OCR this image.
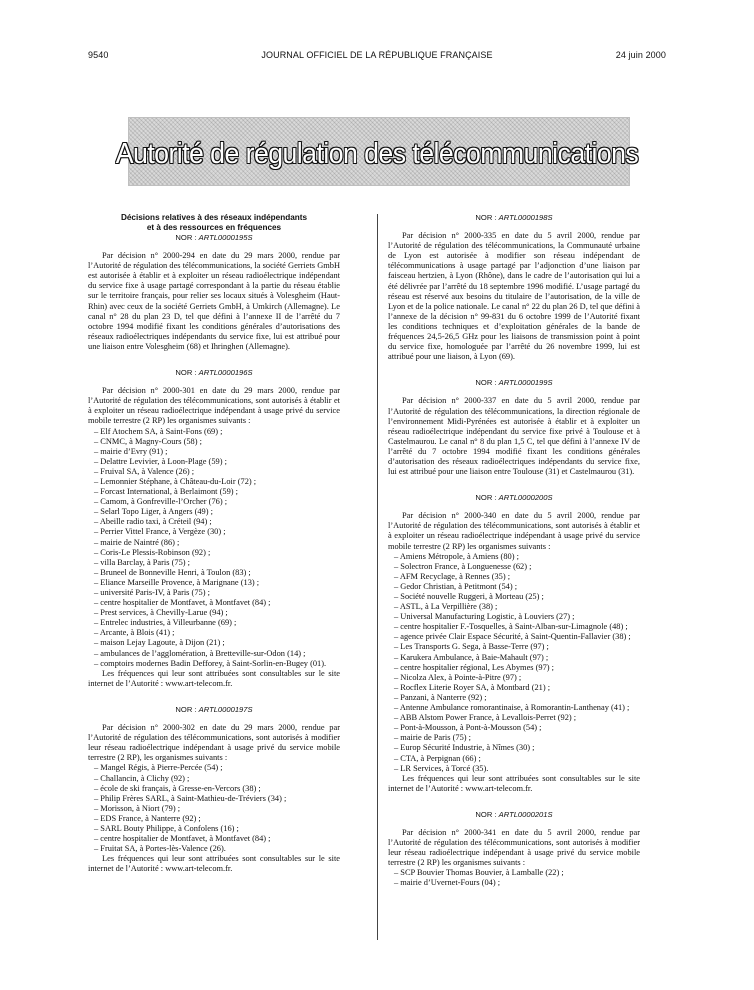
9540	JOURNAL OFFICIEL DE LA RÉPUBLIQUE FRANÇAISE	24 juin 2000
Autorité de régulation des télécommunications

Décisions relatives à des réseaux indépendants

et à des ressources en fréquences

NOR : ARTL0000195S

Par décision n° 2000-294 en date du 29 mars 2000, rendue par l’Autorité de régulation des télécommunications, la société Gerriets GmbH est autorisée à établir et à exploiter un réseau radioélectrique indépendant du service fixe à usage partagé correspondant à la partie du réseau établie sur le territoire français, pour relier ses locaux situés à Volesgheim (Haut-Rhin) avec ceux de la société Gerriets GmbH, à Umkirch (Allemagne). Le canal n° 28 du plan 23 D, tel que défini à l’annexe II de l’arrêté du 7 octobre 1994 modifié fixant les conditions générales d’autorisations des réseaux radioélectriques indépendants du service fixe, lui est attribué pour une liaison entre Volesgheim (68) et Ihringhen (Allemagne).

NOR : ARTL0000196S

Par décision n° 2000-301 en date du 29 mars 2000, rendue par l’Autorité de régulation des télécommunications, sont autorisés à établir et à exploiter un réseau radioélectrique indépendant à usage privé du service mobile terrestre (2 RP) les organismes suivants :

– Elf Atochem SA, à Saint-Fons (69) ;
– CNMC, à Magny-Cours (58) ;
– mairie d’Evry (91) ;
– Delattre Levivier, à Loon-Plage (59) ;
– Fruival SA, à Valence (26) ;
– Lemonnier Stéphane, à Château-du-Loir (72) ;
– Forcast International, à Berlaimont (59) ;
– Camom, à Gonfreville-l’Orcher (76) ;
– Selarl Topo Liger, à Angers (49) ;
– Abeille radio taxi, à Créteil (94) ;
– Perrier Vittel France, à Vergèze (30) ;
– mairie de Naintré (86) ;
– Coris-Le Plessis-Robinson (92) ;
– villa Barclay, à Paris (75) ;
– Bruneel de Bonneville Henri, à Toulon (83) ;
– Eliance Marseille Provence, à Marignane (13) ;
– université Paris-IV, à Paris (75) ;
– centre hospitalier de Montfavet, à Montfavet (84) ;
– Prest services, à Chevilly-Larue (94) ;
– Entrelec industries, à Villeurbanne (69) ;
– Arcante, à Blois (41) ;
– maison Lejay Lagoute, à Dijon (21) ;
– ambulances de l’agglomération, à Bretteville-sur-Odon (14) ;
– comptoirs modernes Badin Defforey, à Saint-Sorlin-en-Bugey (01).

Les fréquences qui leur sont attribuées sont consultables sur le site internet de l’Autorité : www.art-telecom.fr.

NOR : ARTL0000197S

Par décision n° 2000-302 en date du 29 mars 2000, rendue par l’Autorité de régulation des télécommunications, sont autorisés à modifier leur réseau radioélectrique indépendant à usage privé du service mobile terrestre (2 RP), les organismes suivants :

– Mangel Régis, à Pierre-Percée (54) ;
– Challancin, à Clichy (92) ;
– école de ski français, à Gresse-en-Vercors (38) ;
– Philip Frères SARL, à Saint-Mathieu-de-Tréviers (34) ;
– Morisson, à Niort (79) ;
– EDS France, à Nanterre (92) ;
– SARL Bouty Philippe, à Confolens (16) ;
– centre hospitalier de Montfavet, à Montfavet (84) ;
– Fruitat SA, à Portes-lès-Valence (26).

Les fréquences qui leur sont attribuées sont consultables sur le site internet de l’Autorité : www.art-telecom.fr.

NOR : ARTL0000198S

Par décision n° 2000-335 en date du 5 avril 2000, rendue par l’Autorité de régulation des télécommunications, la Communauté urbaine de Lyon est autorisée à modifier son réseau indépendant de télécommunications à usage partagé par l’adjonction d’une liaison par faisceau hertzien, à Lyon (Rhône), dans le cadre de l’autorisation qui lui a été délivrée par l’arrêté du 18 septembre 1996 modifié. L’usage partagé du réseau est réservé aux besoins du titulaire de l’autorisation, de la ville de Lyon et de la police nationale. Le canal n° 22 du plan 26 D, tel que défini à l’annexe de la décision n° 99-831 du 6 octobre 1999 de l’Autorité fixant les conditions techniques et d’exploitation générales de la bande de fréquences 24,5-26,5 GHz pour les liaisons de transmission point à point du service fixe, homologuée par l’arrêté du 26 novembre 1999, lui est attribué pour une liaison, à Lyon (69).

NOR : ARTL0000199S

Par décision n° 2000-337 en date du 5 avril 2000, rendue par l’Autorité de régulation des télécommunications, la direction régionale de l’environnement Midi-Pyrénées est autorisée à établir et à exploiter un réseau radioélectrique indépendant du service fixe privé à Toulouse et à Castelmaurou. Le canal n° 8 du plan 1,5 C, tel que défini à l’annexe IV de l’arrêté du 7 octobre 1994 modifié fixant les conditions générales d’autorisation des réseaux radioélectriques indépendants du service fixe, lui est attribué pour une liaison entre Toulouse (31) et Castelmaurou (31).

NOR : ARTL0000200S

Par décision n° 2000-340 en date du 5 avril 2000, rendue par l’Autorité de régulation des télécommunications, sont autorisés à établir et à exploiter un réseau radioélectrique indépendant à usage privé du service mobile terrestre (2 RP) les organismes suivants :

– Amiens Métropole, à Amiens (80) ;
– Solectron France, à Longuenesse (62) ;
– AFM Recyclage, à Rennes (35) ;
– Gedor Christian, à Petitmont (54) ;
– Société nouvelle Ruggeri, à Morteau (25) ;
– ASTL, à La Verpillière (38) ;
– Universal Manufacturing Logistic, à Louviers (27) ;
– centre hospitalier F.-Tosquelles, à Saint-Alban-sur-Limagnole (48) ;
– agence privée Clair Espace Sécurité, à Saint-Quentin-Fallavier (38) ;
– Les Transports G. Sega, à Basse-Terre (97) ;
– Karukera Ambulance, à Baie-Mahault (97) ;
– centre hospitalier régional, Les Abymes (97) ;
– Nicolza Alex, à Pointe-à-Pitre (97) ;
– Rocflex Literie Royer SA, à Montbard (21) ;
– Panzani, à Nanterre (92) ;
– Antenne Ambulance romorantinaise, à Romorantin-Lanthenay (41) ;
– ABB Alstom Power France, à Levallois-Perret (92) ;
– Pont-à-Mousson, à Pont-à-Mousson (54) ;
– mairie de Paris (75) ;
– Europ Sécurité Industrie, à Nîmes (30) ;
– CTA, à Perpignan (66) ;
– LR Services, à Torcé (35).

Les fréquences qui leur sont attribuées sont consultables sur le site internet de l’Autorité : www.art-telecom.fr.

NOR : ARTL0000201S

Par décision n° 2000-341 en date du 5 avril 2000, rendue par l’Autorité de régulation des télécommunications, sont autorisés à modifier leur réseau radioélectrique indépendant à usage privé du service mobile terrestre (2 RP) les organismes suivants :

– SCP Bouvier Thomas Bouvier, à Lamballe (22) ;
– mairie d’Uvernet-Fours (04) ;
